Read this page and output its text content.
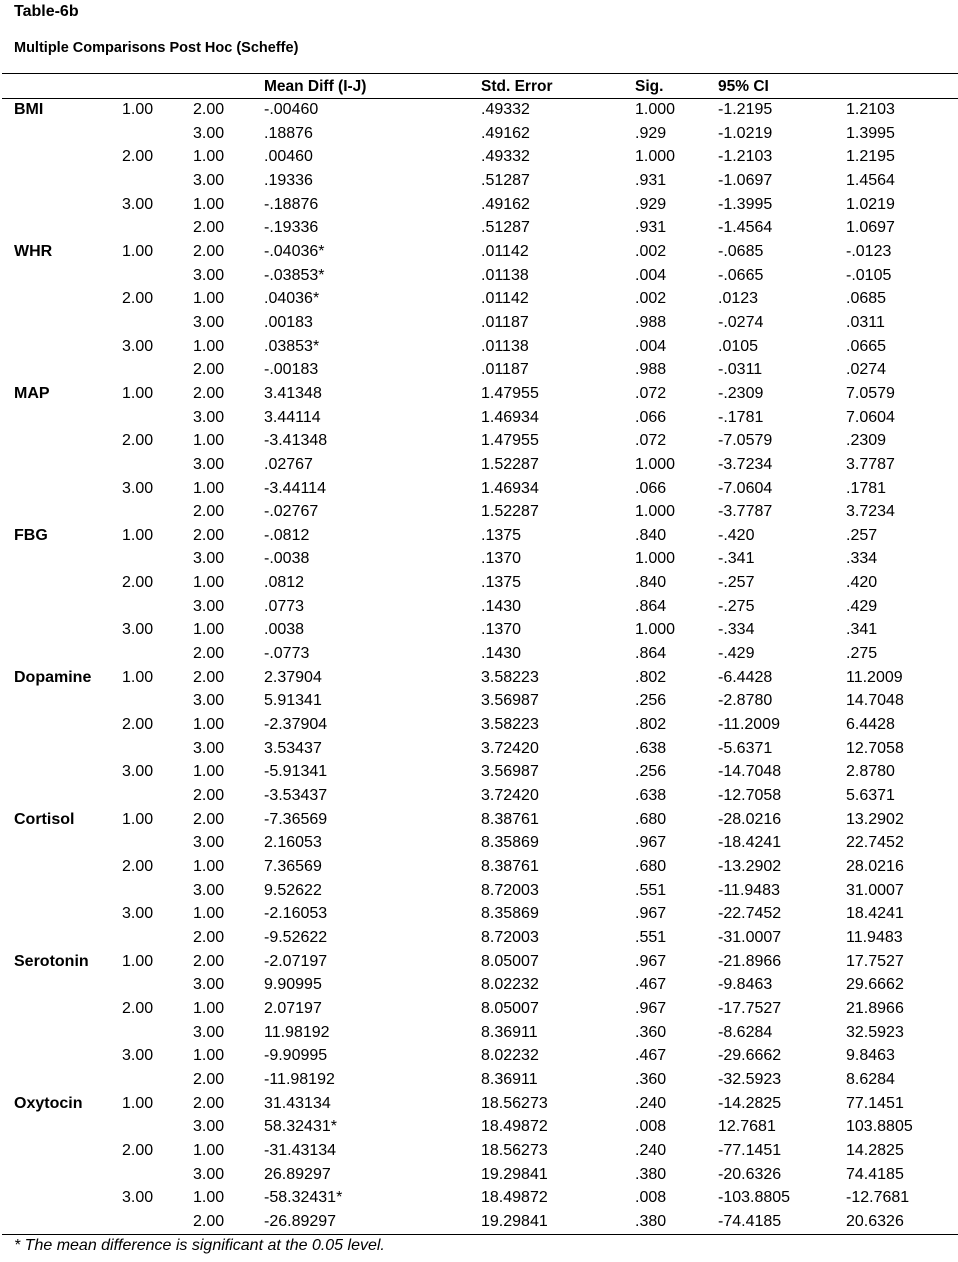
Table-6b
Multiple Comparisons Post Hoc (Scheffe)
			Mean Diff (I-J)	Std. Error	Sig.	95% CI	
BMI	1.00	2.00	-.00460	.49332	1.000	-1.2195	1.2103
		3.00	.18876	.49162	.929	-1.0219	1.3995
	2.00	1.00	.00460	.49332	1.000	-1.2103	1.2195
		3.00	.19336	.51287	.931	-1.0697	1.4564
	3.00	1.00	-.18876	.49162	.929	-1.3995	1.0219
		2.00	-.19336	.51287	.931	-1.4564	1.0697
WHR	1.00	2.00	-.04036*	.01142	.002	-.0685	-.0123
		3.00	-.03853*	.01138	.004	-.0665	-.0105
	2.00	1.00	.04036*	.01142	.002	.0123	.0685
		3.00	.00183	.01187	.988	-.0274	.0311
	3.00	1.00	.03853*	.01138	.004	.0105	.0665
		2.00	-.00183	.01187	.988	-.0311	.0274
MAP	1.00	2.00	3.41348	1.47955	.072	-.2309	7.0579
		3.00	3.44114	1.46934	.066	-.1781	7.0604
	2.00	1.00	-3.41348	1.47955	.072	-7.0579	.2309
		3.00	.02767	1.52287	1.000	-3.7234	3.7787
	3.00	1.00	-3.44114	1.46934	.066	-7.0604	.1781
		2.00	-.02767	1.52287	1.000	-3.7787	3.7234
FBG	1.00	2.00	-.0812	.1375	.840	-.420	.257
		3.00	-.0038	.1370	1.000	-.341	.334
	2.00	1.00	.0812	.1375	.840	-.257	.420
		3.00	.0773	.1430	.864	-.275	.429
	3.00	1.00	.0038	.1370	1.000	-.334	.341
		2.00	-.0773	.1430	.864	-.429	.275
Dopamine	1.00	2.00	2.37904	3.58223	.802	-6.4428	11.2009
		3.00	5.91341	3.56987	.256	-2.8780	14.7048
	2.00	1.00	-2.37904	3.58223	.802	-11.2009	6.4428
		3.00	3.53437	3.72420	.638	-5.6371	12.7058
	3.00	1.00	-5.91341	3.56987	.256	-14.7048	2.8780
		2.00	-3.53437	3.72420	.638	-12.7058	5.6371
Cortisol	1.00	2.00	-7.36569	8.38761	.680	-28.0216	13.2902
		3.00	2.16053	8.35869	.967	-18.4241	22.7452
	2.00	1.00	7.36569	8.38761	.680	-13.2902	28.0216
		3.00	9.52622	8.72003	.551	-11.9483	31.0007
	3.00	1.00	-2.16053	8.35869	.967	-22.7452	18.4241
		2.00	-9.52622	8.72003	.551	-31.0007	11.9483
Serotonin	1.00	2.00	-2.07197	8.05007	.967	-21.8966	17.7527
		3.00	9.90995	8.02232	.467	-9.8463	29.6662
	2.00	1.00	2.07197	8.05007	.967	-17.7527	21.8966
		3.00	11.98192	8.36911	.360	-8.6284	32.5923
	3.00	1.00	-9.90995	8.02232	.467	-29.6662	9.8463
		2.00	-11.98192	8.36911	.360	-32.5923	8.6284
Oxytocin	1.00	2.00	31.43134	18.56273	.240	-14.2825	77.1451
		3.00	58.32431*	18.49872	.008	12.7681	103.8805
	2.00	1.00	-31.43134	18.56273	.240	-77.1451	14.2825
		3.00	26.89297	19.29841	.380	-20.6326	74.4185
	3.00	1.00	-58.32431*	18.49872	.008	-103.8805	-12.7681
		2.00	-26.89297	19.29841	.380	-74.4185	20.6326
* The mean difference is significant at the 0.05 level.
